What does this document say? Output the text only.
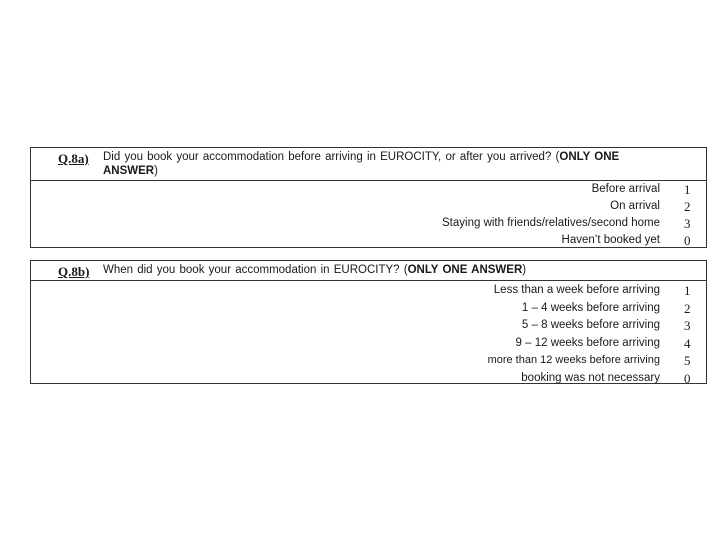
Q.8a) Did you book your accommodation before arriving in EUROCITY, or after you arrived? (ONLY ONE ANSWER)
Before arrival 1
On arrival 2
Staying with friends/relatives/second home 3
Haven’t booked yet 0
Q.8b) When did you book your accommodation in EUROCITY? (ONLY ONE ANSWER)
Less than a week before arriving 1
1 – 4 weeks before arriving 2
5 – 8 weeks before arriving 3
9 – 12 weeks before arriving 4
more than 12 weeks before arriving 5
booking was not necessary 0
